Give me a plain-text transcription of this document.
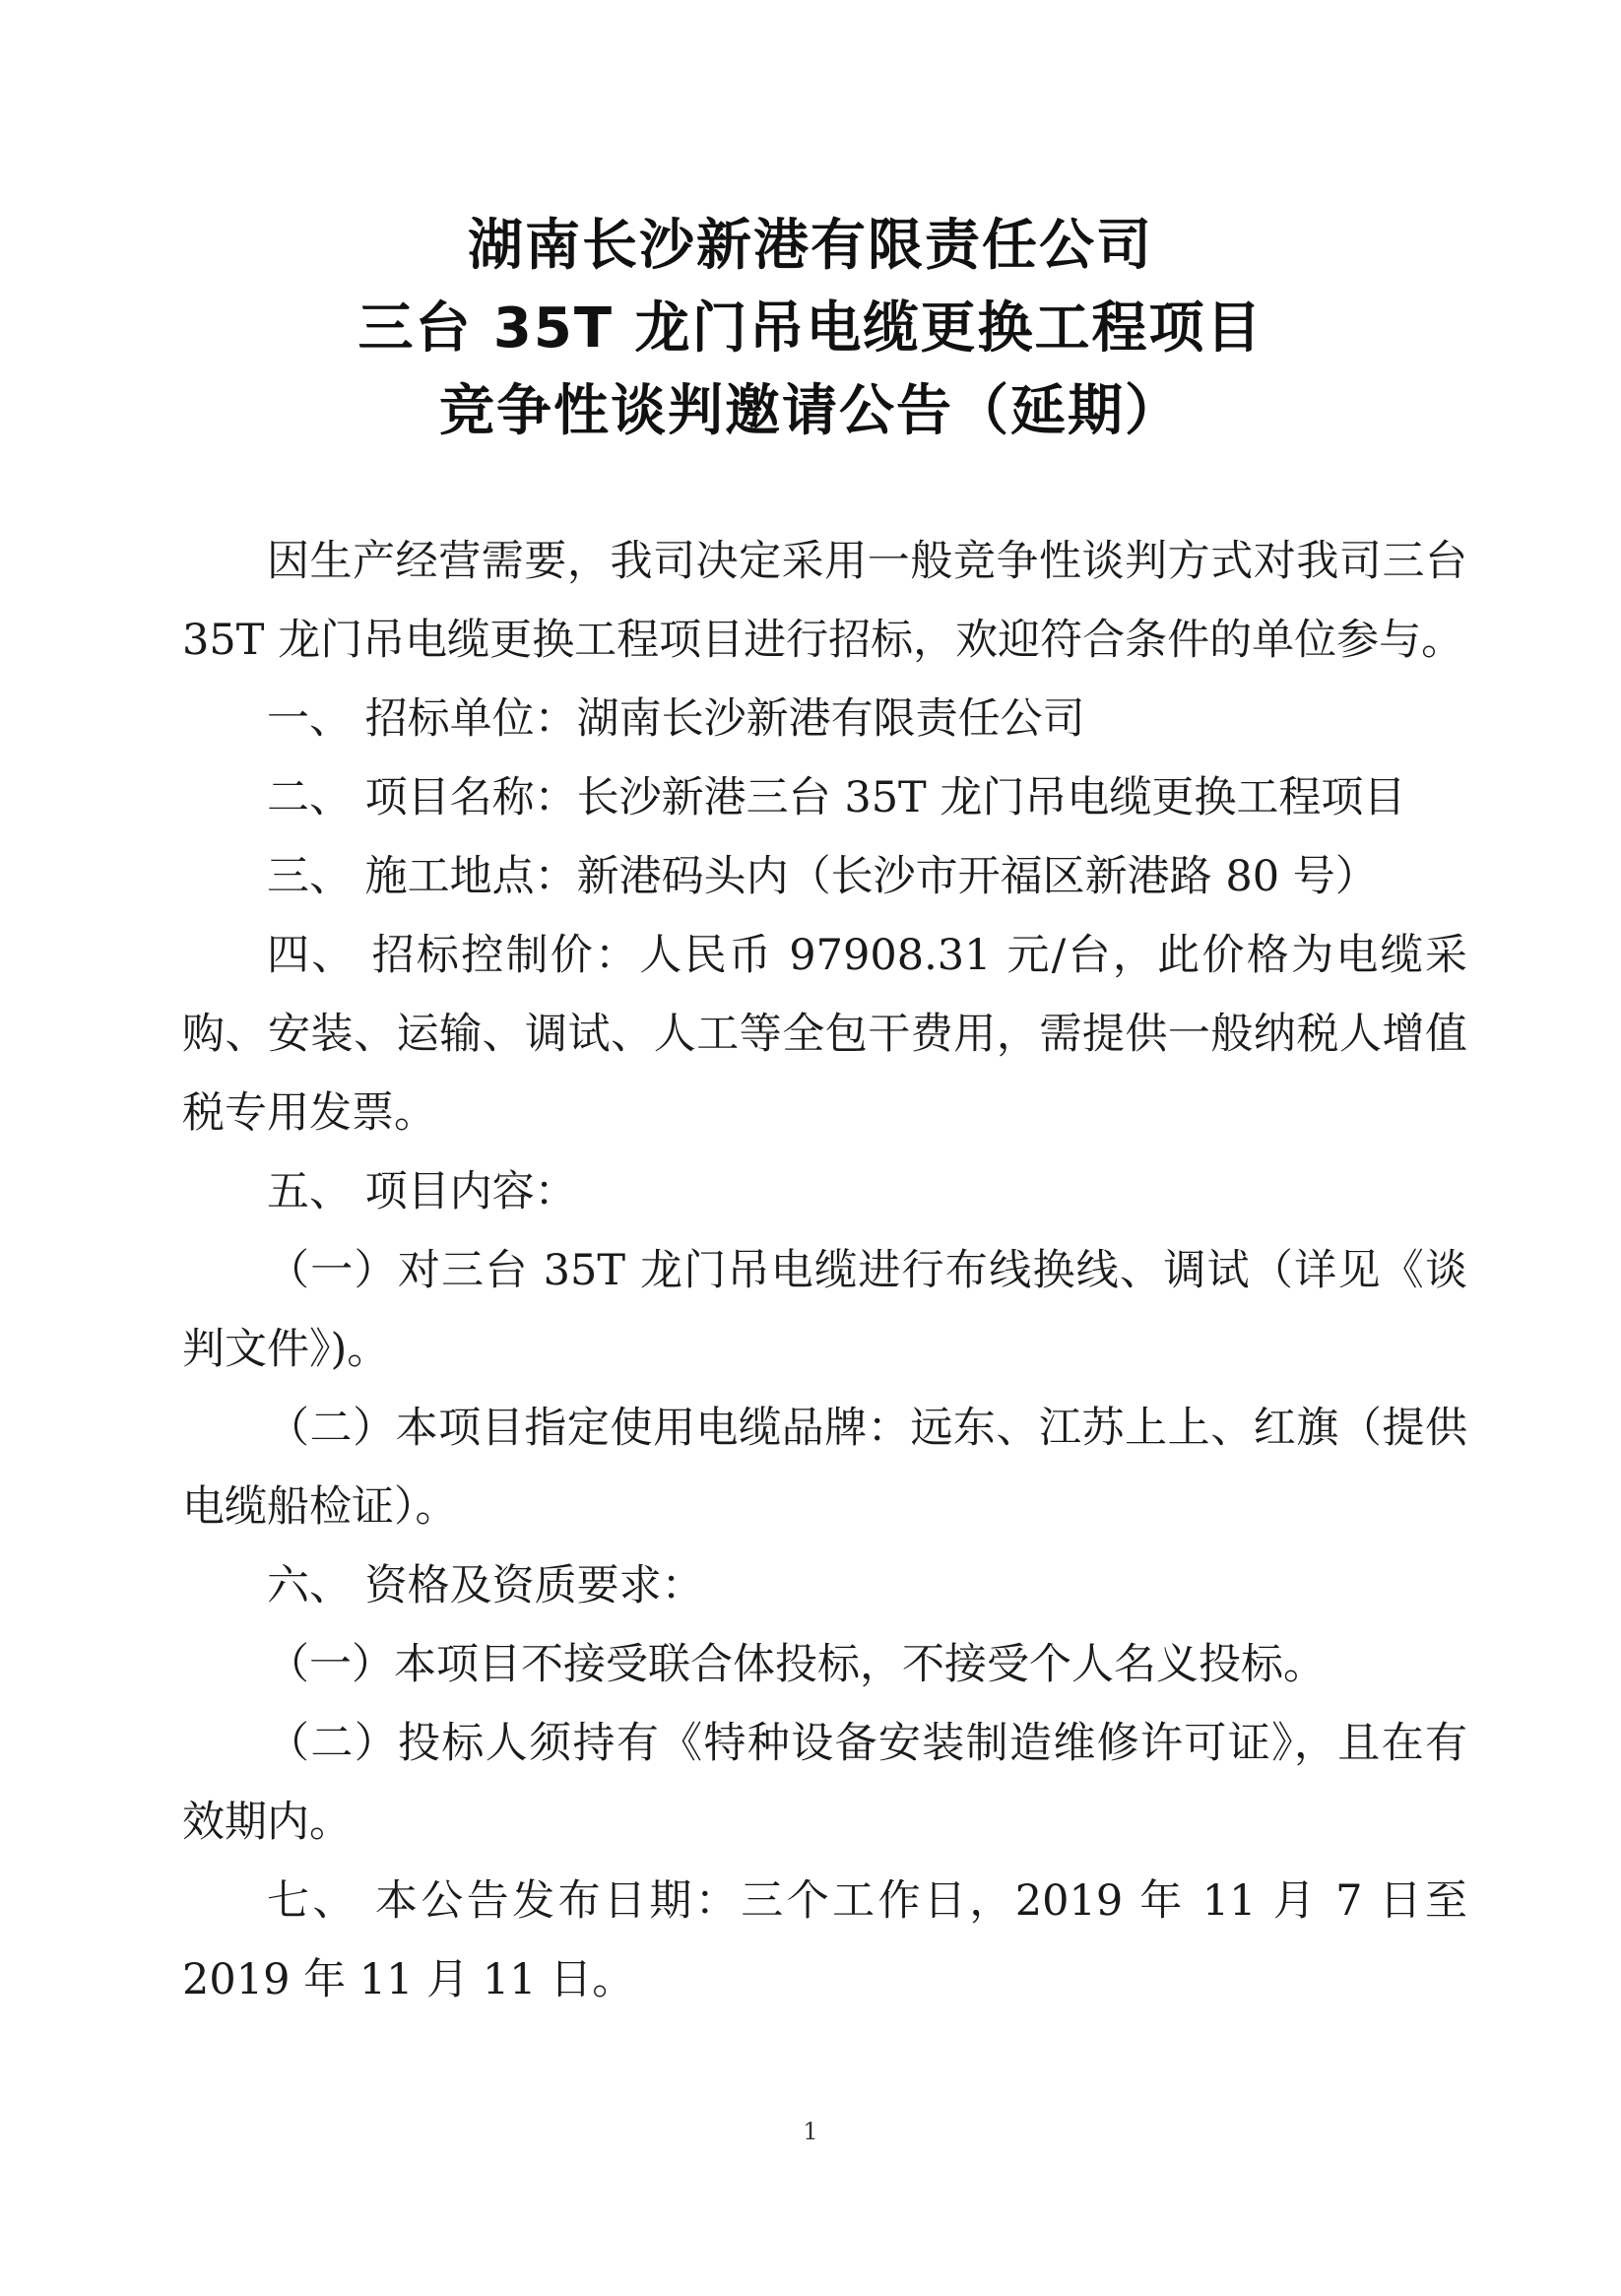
湖南长沙新港有限责任公司
三台 35T 龙门吊电缆更换工程项目
竞争性谈判邀请公告（延期）

因生产经营需要，我司决定采用一般竞争性谈判方式对我司三台 35T 龙门吊电缆更换工程项目进行招标，欢迎符合条件的单位参与。

一、 招标单位：湖南长沙新港有限责任公司

二、 项目名称：长沙新港三台 35T 龙门吊电缆更换工程项目

三、 施工地点：新港码头内（长沙市开福区新港路 80 号）

四、 招标控制价：人民币 97908.31 元/台，此价格为电缆采购、安装、运输、调试、人工等全包干费用，需提供一般纳税人增值税专用发票。

五、 项目内容：

（一）对三台 35T 龙门吊电缆进行布线换线、调试（详见《谈判文件》)。

（二）本项目指定使用电缆品牌：远东、江苏上上、红旗（提供电缆船检证）。

六、 资格及资质要求：

（一）本项目不接受联合体投标，不接受个人名义投标。

（二）投标人须持有《特种设备安装制造维修许可证》，且在有效期内。

七、 本公告发布日期：三个工作日，2019 年 11 月 7 日至 2019 年 11 月 11 日。

1
